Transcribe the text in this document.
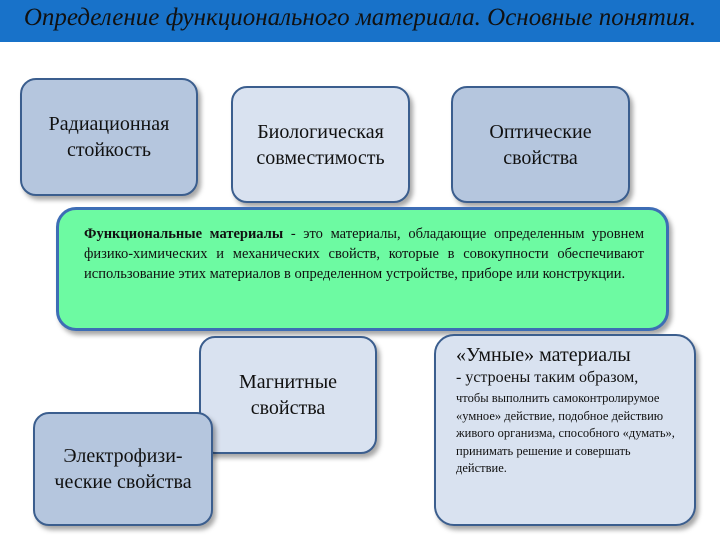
Определение функционального материала. Основные понятия.
Радиационная стойкость
Биологическая совместимость
Оптические свойства
Функциональные материалы - это материалы, обладающие определенным уровнем физико-химических и механических свойств, которые в совокупности обеспечивают использование этих материалов в определенном устройстве, приборе или конструкции.
Магнитные свойства
Электрофизи-ческие свойства
«Умные» материалы
- устроены таким образом,
чтобы выполнить самоконтролирумое «умное» действие, подобное действию живого организма, способного «думать», принимать решение и совершать действие.
